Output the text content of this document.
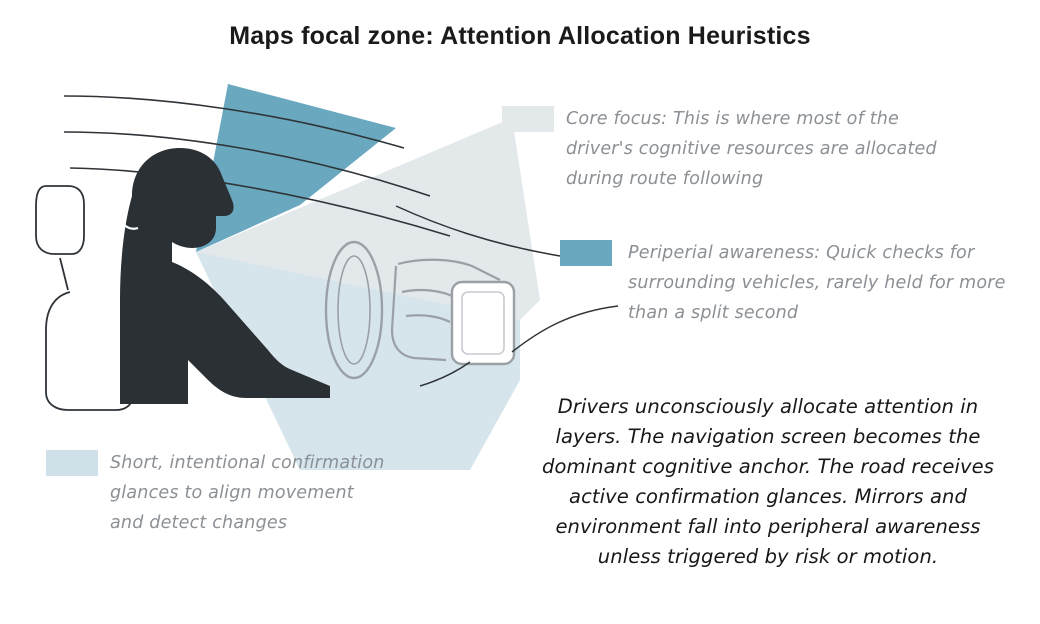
Maps focal zone: Attention Allocation Heuristics
Core focus: This is where most of the
driver's cognitive resources are allocated
during route following
Periperial awareness: Quick checks for
surrounding vehicles, rarely held for more
than a split second
Short, intentional confirmation
glances to align movement
and detect changes
Drivers unconsciously allocate attention in
layers. The navigation screen becomes the
dominant cognitive anchor. The road receives
active confirmation glances. Mirrors and
environment fall into peripheral awareness
unless triggered by risk or motion.
